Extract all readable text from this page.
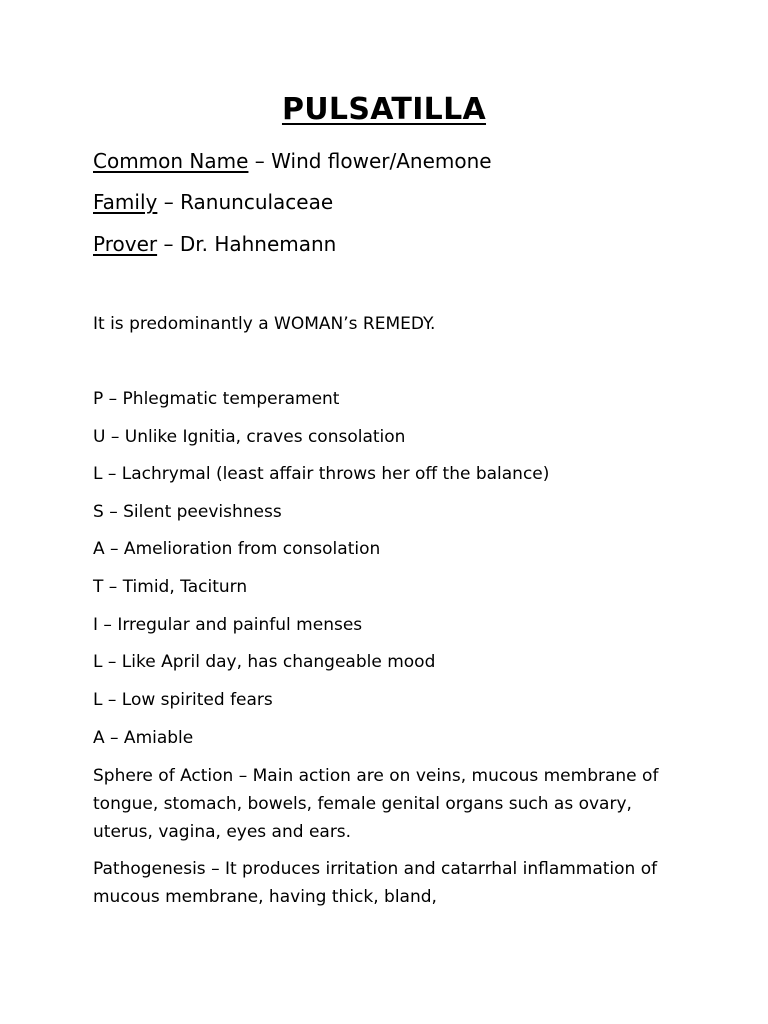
PULSATILLA
Common Name – Wind flower/Anemone
Family – Ranunculaceae
Prover – Dr. Hahnemann
It is predominantly a WOMAN’s REMEDY.
P – Phlegmatic temperament
U – Unlike Ignitia, craves consolation
L – Lachrymal (least affair throws her off the balance)
S – Silent peevishness
A – Amelioration from consolation
T – Timid, Taciturn
I – Irregular and painful menses
L – Like April day, has changeable mood
L – Low spirited fears
A – Amiable
Sphere of Action – Main action are on veins, mucous membrane of tongue, stomach, bowels, female genital organs such as ovary, uterus, vagina, eyes and ears.
Pathogenesis – It produces irritation and catarrhal inflammation of mucous membrane, having thick, bland,
